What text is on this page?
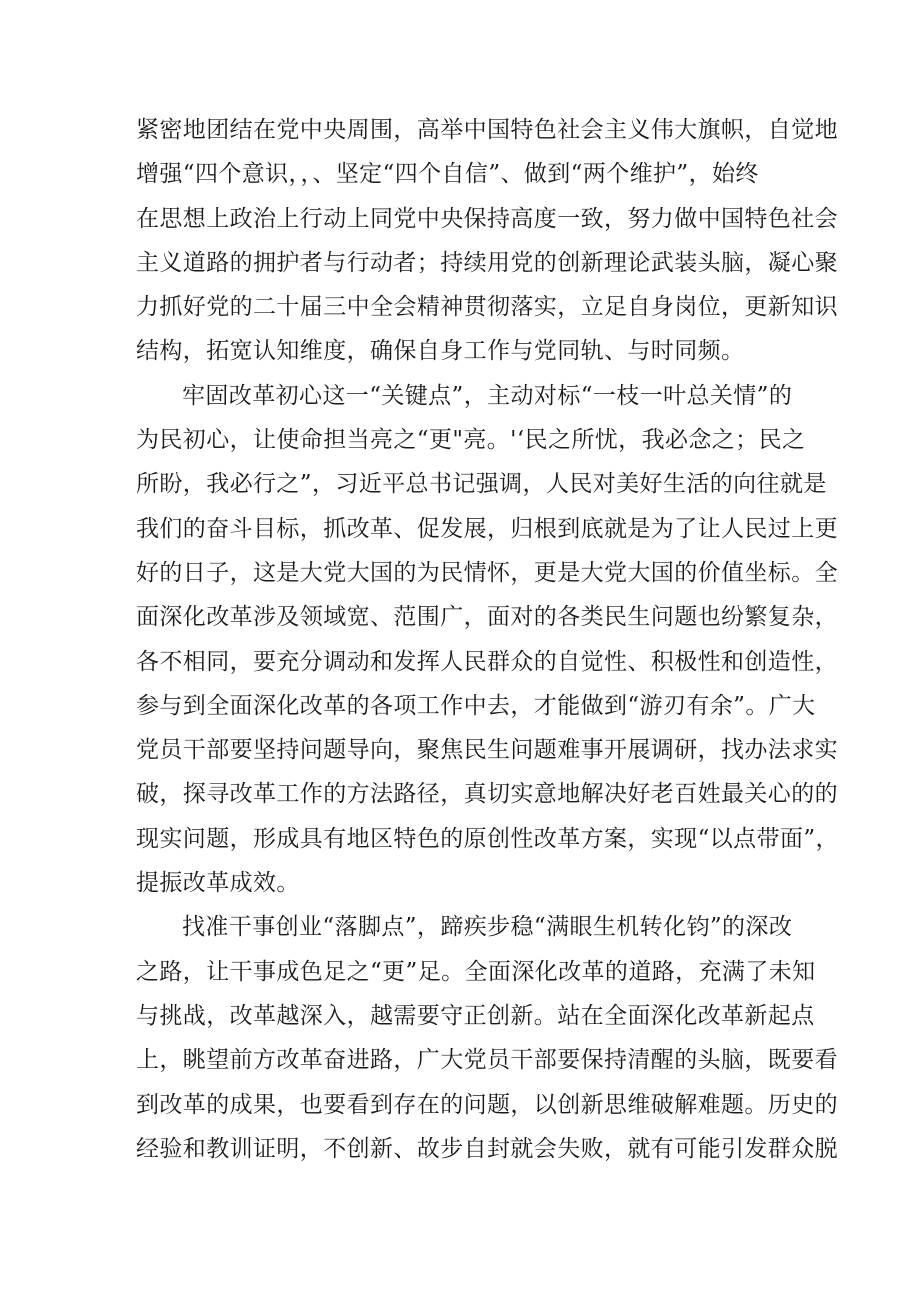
紧密地团结在党中央周围，高举中国特色社会主义伟大旗帜，自觉地
增强“四个意识，，、坚定“四个自信”、做到“两个维护”，始终
在思想上政治上行动上同党中央保持高度一致，努力做中国特色社会
主义道路的拥护者与行动者；持续用党的创新理论武装头脑，凝心聚
力抓好党的二十届三中全会精神贯彻落实，立足自身岗位，更新知识
结构，拓宽认知维度，确保自身工作与党同轨、与时同频。
牢固改革初心这一“关键点”，主动对标“一枝一叶总关情”的
为民初心，让使命担当亮之“更"亮。'‘民之所忧，我必念之；民之
所盼，我必行之”，习近平总书记强调，人民对美好生活的向往就是
我们的奋斗目标，抓改革、促发展，归根到底就是为了让人民过上更
好的日子，这是大党大国的为民情怀，更是大党大国的价值坐标。全
面深化改革涉及领域宽、范围广，面对的各类民生问题也纷繁复杂，
各不相同，要充分调动和发挥人民群众的自觉性、积极性和创造性，
参与到全面深化改革的各项工作中去，才能做到“游刃有余”。广大
党员干部要坚持问题导向，聚焦民生问题难事开展调研，找办法求实
破，探寻改革工作的方法路径，真切实意地解决好老百姓最关心的的
现实问题，形成具有地区特色的原创性改革方案，实现“以点带面”，
提振改革成效。
找准干事创业“落脚点”，蹄疾步稳“满眼生机转化钧”的深改
之路，让干事成色足之“更”足。全面深化改革的道路，充满了未知
与挑战，改革越深入，越需要守正创新。站在全面深化改革新起点
上，眺望前方改革奋进路，广大党员干部要保持清醒的头脑，既要看
到改革的成果，也要看到存在的问题，以创新思维破解难题。历史的
经验和教训证明，不创新、故步自封就会失败，就有可能引发群众脱
